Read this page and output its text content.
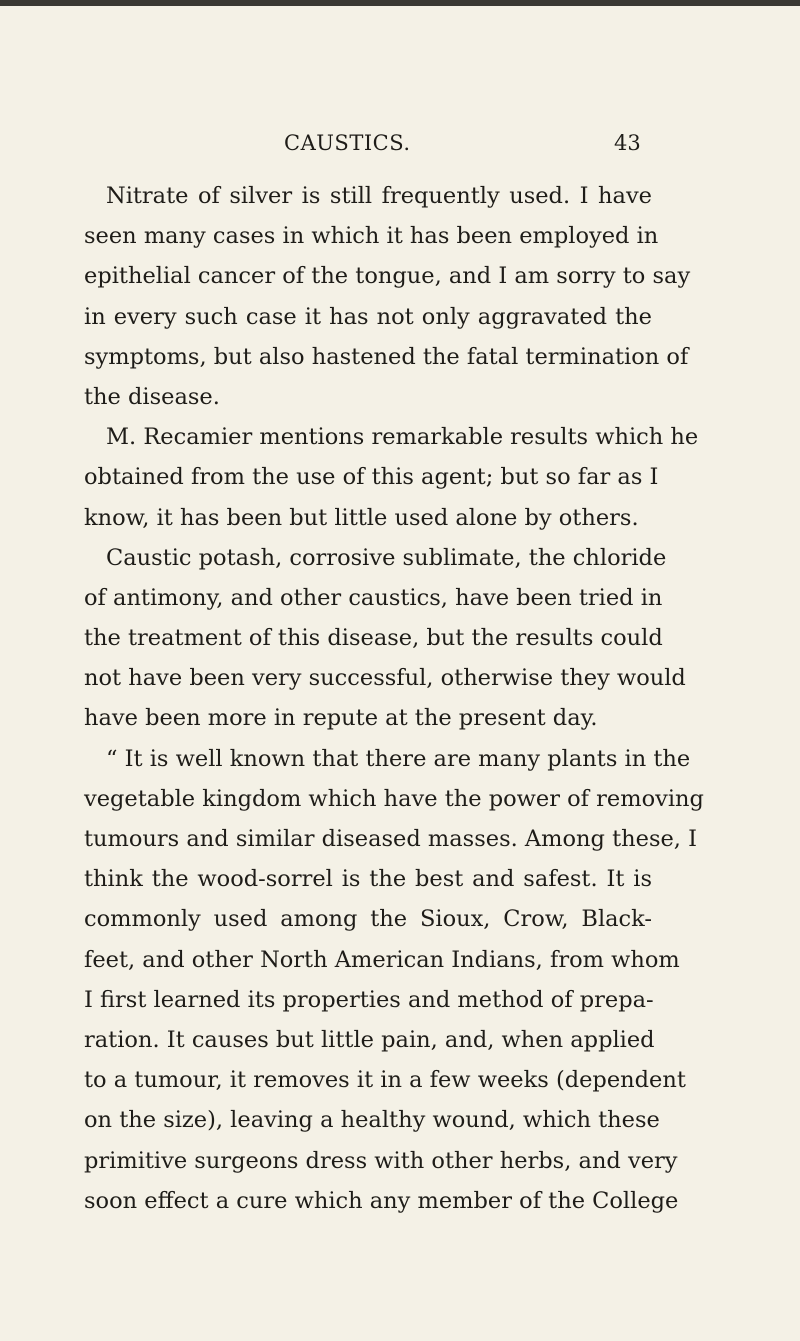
CAUSTICS.	43
Nitrate of silver is still frequently used. I have
seen many cases in which it has been employed in
epithelial cancer of the tongue, and I am sorry to say
in every such case it has not only aggravated the
symptoms, but also hastened the fatal termination of
the disease.
M. Recamier mentions remarkable results which he
obtained from the use of this agent; but so far as I
know, it has been but little used alone by others.
Caustic potash, corrosive sublimate, the chloride
of antimony, and other caustics, have been tried in
the treatment of this disease, but the results could
not have been very successful, otherwise they would
have been more in repute at the present day.
“ It is well known that there are many plants in the
vegetable kingdom which have the power of removing
tumours and similar diseased masses. Among these, I
think the wood-sorrel is the best and safest. It is
commonly used among the Sioux, Crow, Black-
feet, and other North American Indians, from whom
I first learned its properties and method of prepa-
ration. It causes but little pain, and, when applied
to a tumour, it removes it in a few weeks (dependent
on the size), leaving a healthy wound, which these
primitive surgeons dress with other herbs, and very
soon effect a cure which any member of the College
